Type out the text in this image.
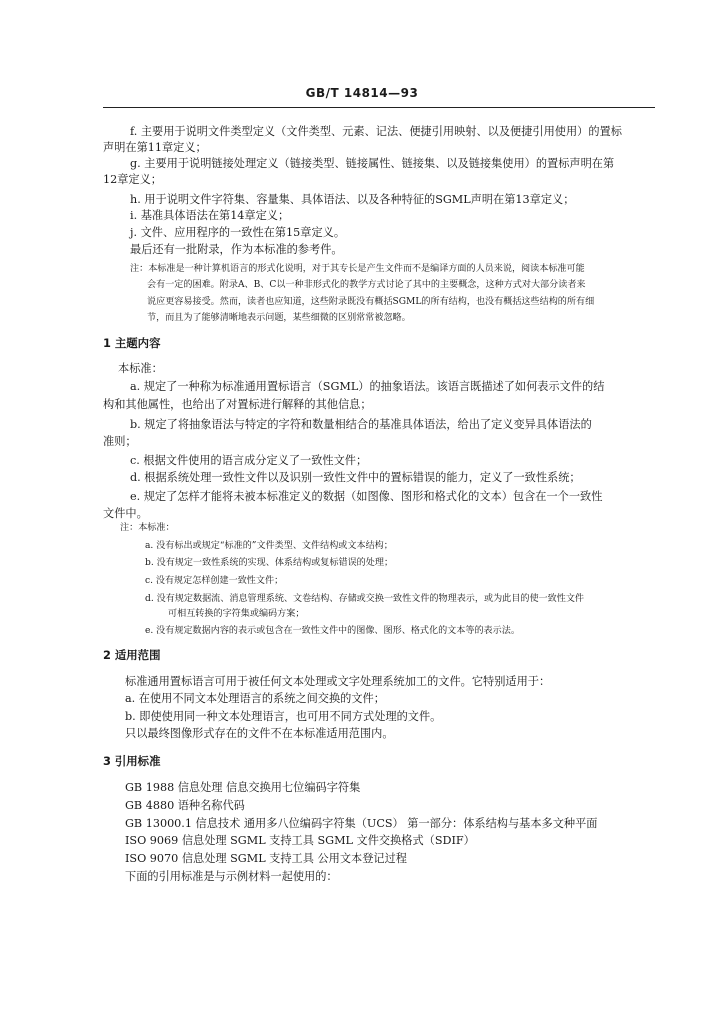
GB/T 14814—93
f. 主要用于说明文件类型定义（文件类型、元素、记法、便捷引用映射、以及便捷引用使用）的置标
声明在第11章定义；
g. 主要用于说明链接处理定义（链接类型、链接属性、链接集、以及链接集使用）的置标声明在第
12章定义；
h. 用于说明文件字符集、容量集、具体语法、以及各种特征的SGML声明在第13章定义；
i. 基准具体语法在第14章定义；
j. 文件、应用程序的一致性在第15章定义。
最后还有一批附录，作为本标准的参考件。
注：本标准是一种计算机语言的形式化说明，对于其专长是产生文件而不是编译方面的人员来说，阅读本标准可能
会有一定的困难。附录A、B、C以一种非形式化的教学方式讨论了其中的主要概念，这种方式对大部分读者来
说应更容易接受。然而，读者也应知道，这些附录既没有概括SGML的所有结构，也没有概括这些结构的所有细
节，而且为了能够清晰地表示问题，某些细微的区别常常被忽略。
1 主题内容
本标准：
a. 规定了一种称为标准通用置标语言（SGML）的抽象语法。该语言既描述了如何表示文件的结
构和其他属性，也给出了对置标进行解释的其他信息；
b. 规定了将抽象语法与特定的字符和数量相结合的基准具体语法，给出了定义变异具体语法的
准则；
c. 根据文件使用的语言成分定义了一致性文件；
d. 根据系统处理一致性文件以及识别一致性文件中的置标错误的能力，定义了一致性系统；
e. 规定了怎样才能将未被本标准定义的数据（如图像、图形和格式化的文本）包含在一个一致性
文件中。
注：本标准：
a. 没有标出或规定“标准的”文件类型、文件结构或文本结构；
b. 没有规定一致性系统的实现、体系结构或复标错误的处理；
c. 没有规定怎样创建一致性文件；
d. 没有规定数据流、消息管理系统、文卷结构、存储或交换一致性文件的物理表示，或为此目的使一致性文件
可相互转换的字符集或编码方案；
e. 没有规定数据内容的表示或包含在一致性文件中的图像、图形、格式化的文本等的表示法。
2 适用范围
标准通用置标语言可用于被任何文本处理或文字处理系统加工的文件。它特别适用于：
a. 在使用不同文本处理语言的系统之间交换的文件；
b. 即使使用同一种文本处理语言，也可用不同方式处理的文件。
只以最终图像形式存在的文件不在本标准适用范围内。
3 引用标准
GB 1988 信息处理 信息交换用七位编码字符集
GB 4880 语种名称代码
GB 13000.1 信息技术 通用多八位编码字符集（UCS） 第一部分：体系结构与基本多文种平面
ISO 9069 信息处理 SGML 支持工具 SGML 文件交换格式（SDIF）
ISO 9070 信息处理 SGML 支持工具 公用文本登记过程
下面的引用标准是与示例材料一起使用的：
